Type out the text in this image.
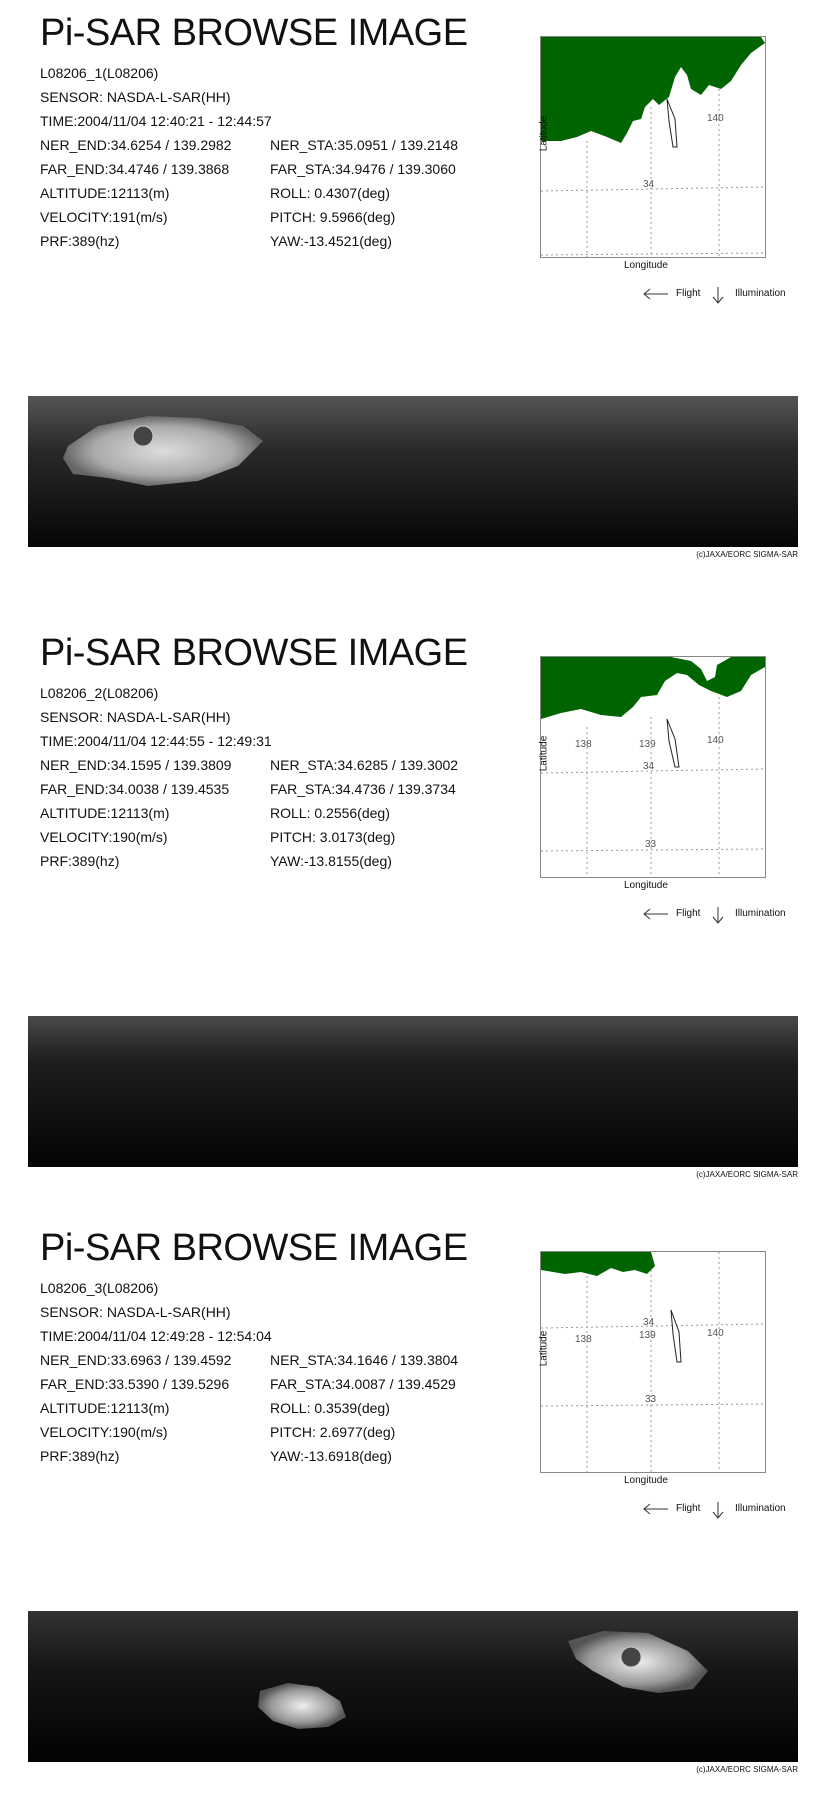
Pi-SAR BROWSE IMAGE
L08206_1(L08206)
SENSOR: NASDA-L-SAR(HH)
TIME:2004/11/04 12:40:21 - 12:44:57
NER_END:34.6254 / 139.2982	NER_STA:35.0951 / 139.2148
FAR_END:34.4746 / 139.3868	FAR_STA:34.9476 / 139.3060
ALTITUDE:12113(m)	ROLL: 0.4307(deg)
VELOCITY:191(m/s)	PITCH: 9.5966(deg)
PRF:389(hz)	YAW:-13.4521(deg)
140
34
Latitude
Longitude
Flight	Illumination
(c)JAXA/EORC SIGMA-SAR
Pi-SAR BROWSE IMAGE
L08206_2(L08206)
SENSOR: NASDA-L-SAR(HH)
TIME:2004/11/04 12:44:55 - 12:49:31
NER_END:34.1595 / 139.3809	NER_STA:34.6285 / 139.3002
FAR_END:34.0038 / 139.4535	FAR_STA:34.4736 / 139.3734
ALTITUDE:12113(m)	ROLL: 0.2556(deg)
VELOCITY:190(m/s)	PITCH: 3.0173(deg)
PRF:389(hz)	YAW:-13.8155(deg)
138	139	140
34
33
Latitude
Longitude
Flight	Illumination
(c)JAXA/EORC SIGMA-SAR
Pi-SAR BROWSE IMAGE
L08206_3(L08206)
SENSOR: NASDA-L-SAR(HH)
TIME:2004/11/04 12:49:28 - 12:54:04
NER_END:33.6963 / 139.4592	NER_STA:34.1646 / 139.3804
FAR_END:33.5390 / 139.5296	FAR_STA:34.0087 / 139.4529
ALTITUDE:12113(m)	ROLL: 0.3539(deg)
VELOCITY:190(m/s)	PITCH: 2.6977(deg)
PRF:389(hz)	YAW:-13.6918(deg)
138	139	140
34
33
Latitude
Longitude
Flight	Illumination
(c)JAXA/EORC SIGMA-SAR
